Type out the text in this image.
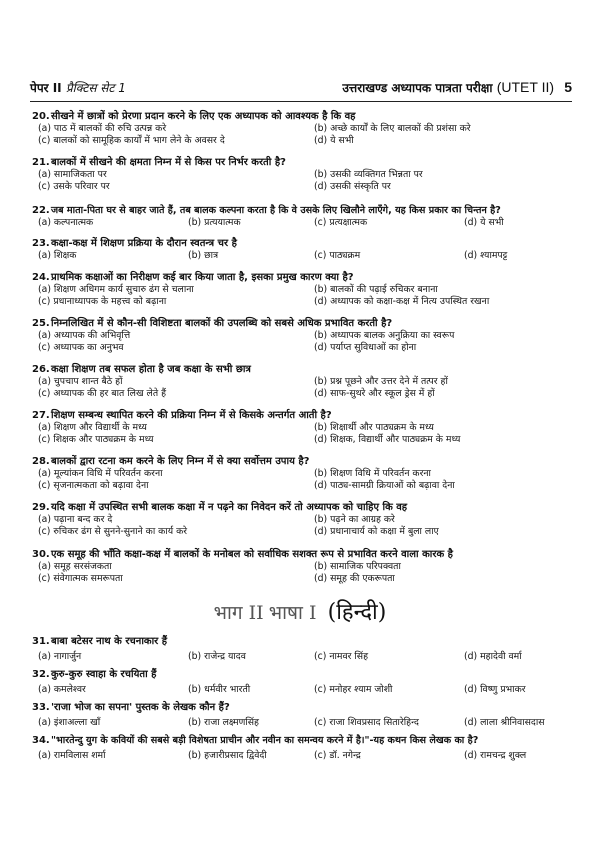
पेपर II प्रैक्टिस सेट 1	उत्तराखण्ड अध्यापक पात्रता परीक्षा (UTET II) 5
20.सीखने में छात्रों को प्रेरणा प्रदान करने के लिए एक अध्यापक को आवश्यक है कि वह
(a) पाठ में बालकों की रुचि उत्पन्न करे	(b) अच्छे कार्यों के लिए बालकों की प्रशंसा करे
(c) बालकों को सामूहिक कार्यों में भाग लेने के अवसर दे	(d) ये सभी
21.बालकों में सीखने की क्षमता निम्न में से किस पर निर्भर करती है?
(a) सामाजिकता पर	(b) उसकी व्यक्तिगत भिन्नता पर
(c) उसके परिवार पर	(d) उसकी संस्कृति पर
22.जब माता-पिता घर से बाहर जाते हैं, तब बालक कल्पना करता है कि वे उसके लिए खिलौने लाएँगे, यह किस प्रकार का चिन्तन है?
(a) कल्पनात्मक	(b) प्रत्ययात्मक	(c) प्रत्यक्षात्मक	(d) ये सभी
23.कक्षा-कक्ष में शिक्षण प्रक्रिया के दौरान स्वतन्त्र चर है
(a) शिक्षक	(b) छात्र	(c) पाठ्यक्रम	(d) श्यामपट्ट
24.प्राथमिक कक्षाओं का निरीक्षण कई बार किया जाता है, इसका प्रमुख कारण क्या है?
(a) शिक्षण अधिगम कार्य सुचारु ढंग से चलाना	(b) बालकों की पढ़ाई रुचिकर बनाना
(c) प्रधानाध्यापक के महत्त्व को बढ़ाना	(d) अध्यापक को कक्षा-कक्ष में नित्य उपस्थित रखना
25.निम्नलिखित में से कौन-सी विशिष्टता बालकों की उपलब्धि को सबसे अधिक प्रभावित करती है?
(a) अध्यापक की अभिवृत्ति	(b) अध्यापक बालक अनुक्रिया का स्वरूप
(c) अध्यापक का अनुभव	(d) पर्याप्त सुविधाओं का होना
26.कक्षा शिक्षण तब सफल होता है जब कक्षा के सभी छात्र
(a) चुपचाप शान्त बैठे हों	(b) प्रश्न पूछने और उत्तर देने में तत्पर हों
(c) अध्यापक की हर बात लिख लेते हैं	(d) साफ-सुथरे और स्कूल ड्रेस में हों
27.शिक्षण सम्बन्ध स्थापित करने की प्रक्रिया निम्न में से किसके अन्तर्गत आती है?
(a) शिक्षण और विद्यार्थी के मध्य	(b) शिक्षार्थी और पाठ्यक्रम के मध्य
(c) शिक्षक और पाठ्यक्रम के मध्य	(d) शिक्षक, विद्यार्थी और पाठ्यक्रम के मध्य
28.बालकों द्वारा रटना कम करने के लिए निम्न में से क्या सर्वोत्तम उपाय है?
(a) मूल्यांकन विधि में परिवर्तन करना	(b) शिक्षण विधि में परिवर्तन करना
(c) सृजनात्मकता को बढ़ावा देना	(d) पाठ्य-सामग्री क्रियाओं को बढ़ावा देना
29.यदि कक्षा में उपस्थित सभी बालक कक्षा में न पढ़ने का निवेदन करें तो अध्यापक को चाहिए कि वह
(a) पढ़ाना बन्द कर दे	(b) पढ़ने का आग्रह करे
(c) रुचिकर ढंग से सुनने-सुनाने का कार्य करे	(d) प्रधानाचार्य को कक्षा में बुला लाए
30.एक समूह की भाँति कक्षा-कक्ष में बालकों के मनोबल को सर्वाधिक सशक्त रूप से प्रभावित करने वाला कारक है
(a) समूह सरसंजकता	(b) सामाजिक परिपक्वता
(c) संवेगात्मक समरूपता	(d) समूह की एकरूपता
भाग II भाषा I (हिन्दी)
31.बाबा बटेसर नाथ के रचनाकार हैं
(a) नागार्जुन	(b) राजेन्द्र यादव	(c) नामवर सिंह	(d) महादेवी वर्मा
32.कुरु-कुरु स्वाहा के रचयिता हैं
(a) कमलेश्वर	(b) धर्मवीर भारती	(c) मनोहर श्याम जोशी	(d) विष्णु प्रभाकर
33.'राजा भोज का सपना' पुस्तक के लेखक कौन हैं?
(a) इंशाअल्ला खाँ	(b) राजा लक्ष्मणसिंह	(c) राजा शिवप्रसाद सितारेहिन्द	(d) लाला श्रीनिवासदास
34."भारतेन्दु युग के कवियों की सबसे बड़ी विशेषता प्राचीन और नवीन का समन्वय करने में है।"-यह कथन किस लेखक का है?
(a) रामविलास शर्मा	(b) हजारीप्रसाद द्विवेदी	(c) डॉ. नगेन्द्र	(d) रामचन्द्र शुक्ल
